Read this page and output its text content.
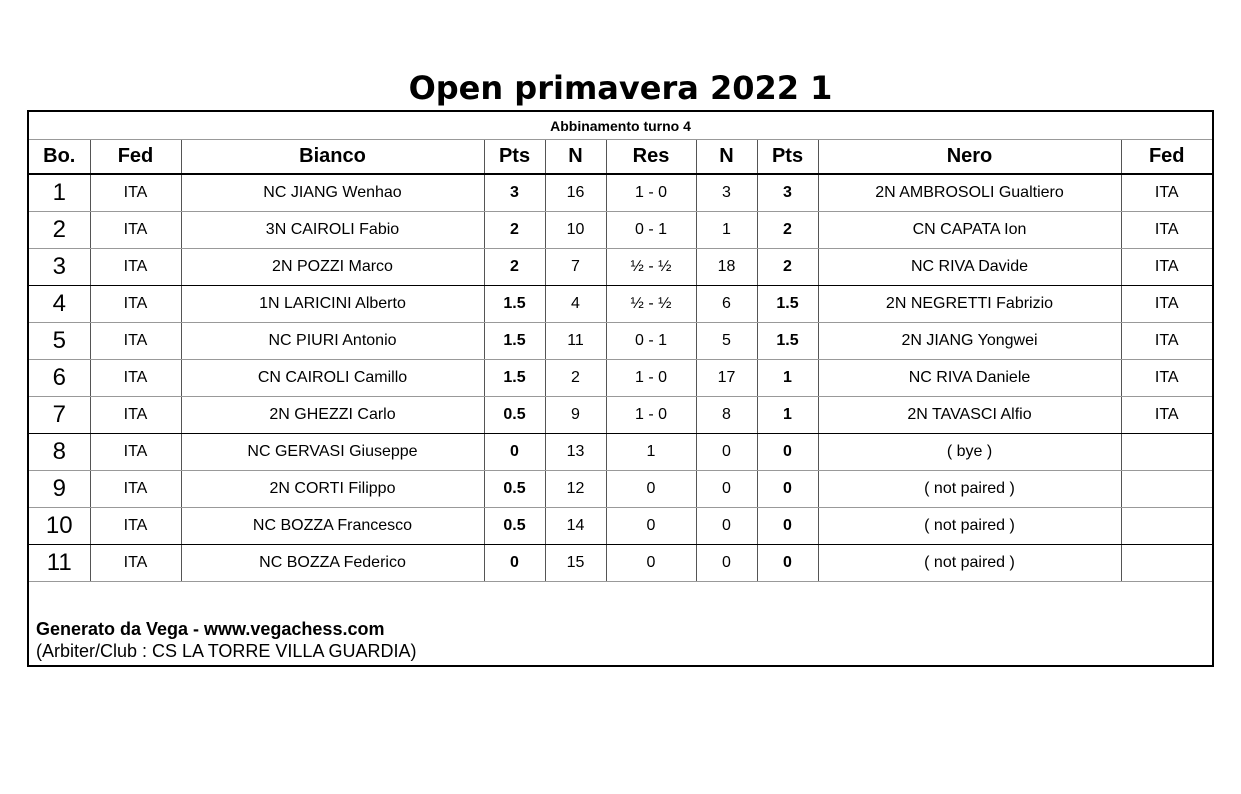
Open primavera 2022 1
Abbinamento turno 4
Bo.	Fed	Bianco	Pts	N	Res	N	Pts	Nero	Fed
1	ITA	NC JIANG Wenhao	3	16	1 - 0	3	3	2N AMBROSOLI Gualtiero	ITA
2	ITA	3N CAIROLI Fabio	2	10	0 - 1	1	2	CN CAPATA Ion	ITA
3	ITA	2N POZZI Marco	2	7	½ - ½	18	2	NC RIVA Davide	ITA
4	ITA	1N LARICINI Alberto	1.5	4	½ - ½	6	1.5	2N NEGRETTI Fabrizio	ITA
5	ITA	NC PIURI Antonio	1.5	11	0 - 1	5	1.5	2N JIANG Yongwei	ITA
6	ITA	CN CAIROLI Camillo	1.5	2	1 - 0	17	1	NC RIVA Daniele	ITA
7	ITA	2N GHEZZI Carlo	0.5	9	1 - 0	8	1	2N TAVASCI Alfio	ITA
8	ITA	NC GERVASI Giuseppe	0	13	1	0	0	( bye )	
9	ITA	2N CORTI Filippo	0.5	12	0	0	0	( not paired )	
10	ITA	NC BOZZA Francesco	0.5	14	0	0	0	( not paired )	
11	ITA	NC BOZZA Federico	0	15	0	0	0	( not paired )	
Generato da Vega - www.vegachess.com
(Arbiter/Club : CS LA TORRE VILLA GUARDIA)
